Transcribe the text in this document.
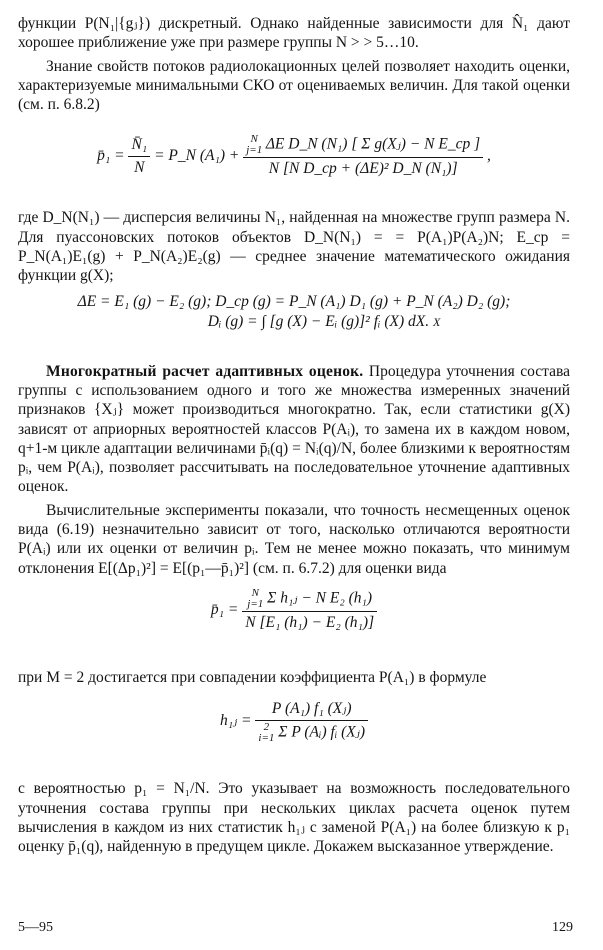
функции P(N₁|{gⱼ}) дискретный. Однако найденные зависимости для N̂₁ дают хорошее приближение уже при размере группы N > > 5…10.

Знание свойств потоков радиолокационных целей позволяет находить оценки, характеризуемые минимальными СКО от оцениваемых величин. Для такой оценки (см. п. 6.8.2)

p̄₁ = $\frac{\text{N̄₁}}{N}$ = P_N (A₁) +
N
j=1 ΔE D_N (N₁) [ Σ g(Xⱼ) − N E_ср ]
N [N D_ср + (ΔE)² D_N (N₁)]
,

где D_N(N₁) — дисперсия величины N₁, найденная на множестве групп размера N. Для пуассоновских потоков объектов D_N(N₁) = = P(A₁)P(A₂)N; E_ср = P_N(A₁)E₁(g) + P_N(A₂)E₂(g) — среднее значение математического ожидания функции g(X);

ΔE = E₁ (g) − E₂ (g); D_ср (g) = P_N (A₁) D₁ (g) + P_N (A₂) D₂ (g);
Dᵢ (g) = ∫ [g (X) − Eᵢ (g)]² fᵢ (X) dX. X

Многократный расчет адаптивных оценок. Процедура уточнения состава группы с использованием одного и того же множества измеренных значений признаков {Xⱼ} может производиться многократно. Так, если статистики g(X) зависят от априорных вероятностей классов P(Aᵢ), то замена их в каждом новом, q+1-м цикле адаптации величинами p̄ᵢ(q) = Nᵢ(q)/N, более близкими к вероятностям pᵢ, чем P(Aᵢ), позволяет рассчитывать на последовательное уточнение адаптивных оценок.

Вычислительные эксперименты показали, что точность несмещенных оценок вида (6.19) незначительно зависит от того, насколько отличаются вероятности P(Aᵢ) или их оценки от величин pᵢ. Тем не менее можно показать, что минимум отклонения E[(Δp₁)²] = E[(p₁—p̄₁)²] (см. п. 6.7.2) для оценки вида

p̄₁ = N
j=1 Σ h₁ⱼ − N E₂ (h₁)
N [E₁ (h₁) − E₂ (h₁)]

при M = 2 достигается при совпадении коэффициента P(A₁) в формуле

h₁ⱼ = P (A₁) f₁ (Xⱼ)
2
i=1 Σ P (Aᵢ) fᵢ (Xⱼ)

с вероятностью p₁ = N₁/N. Это указывает на возможность последовательного уточнения состава группы при нескольких циклах расчета оценок путем вычисления в каждом из них статистик h₁ⱼ с заменой P(A₁) на более близкую к p₁ оценку p̄₁(q), найденную в предущем цикле. Докажем высказанное утверждение.

5—95	129
